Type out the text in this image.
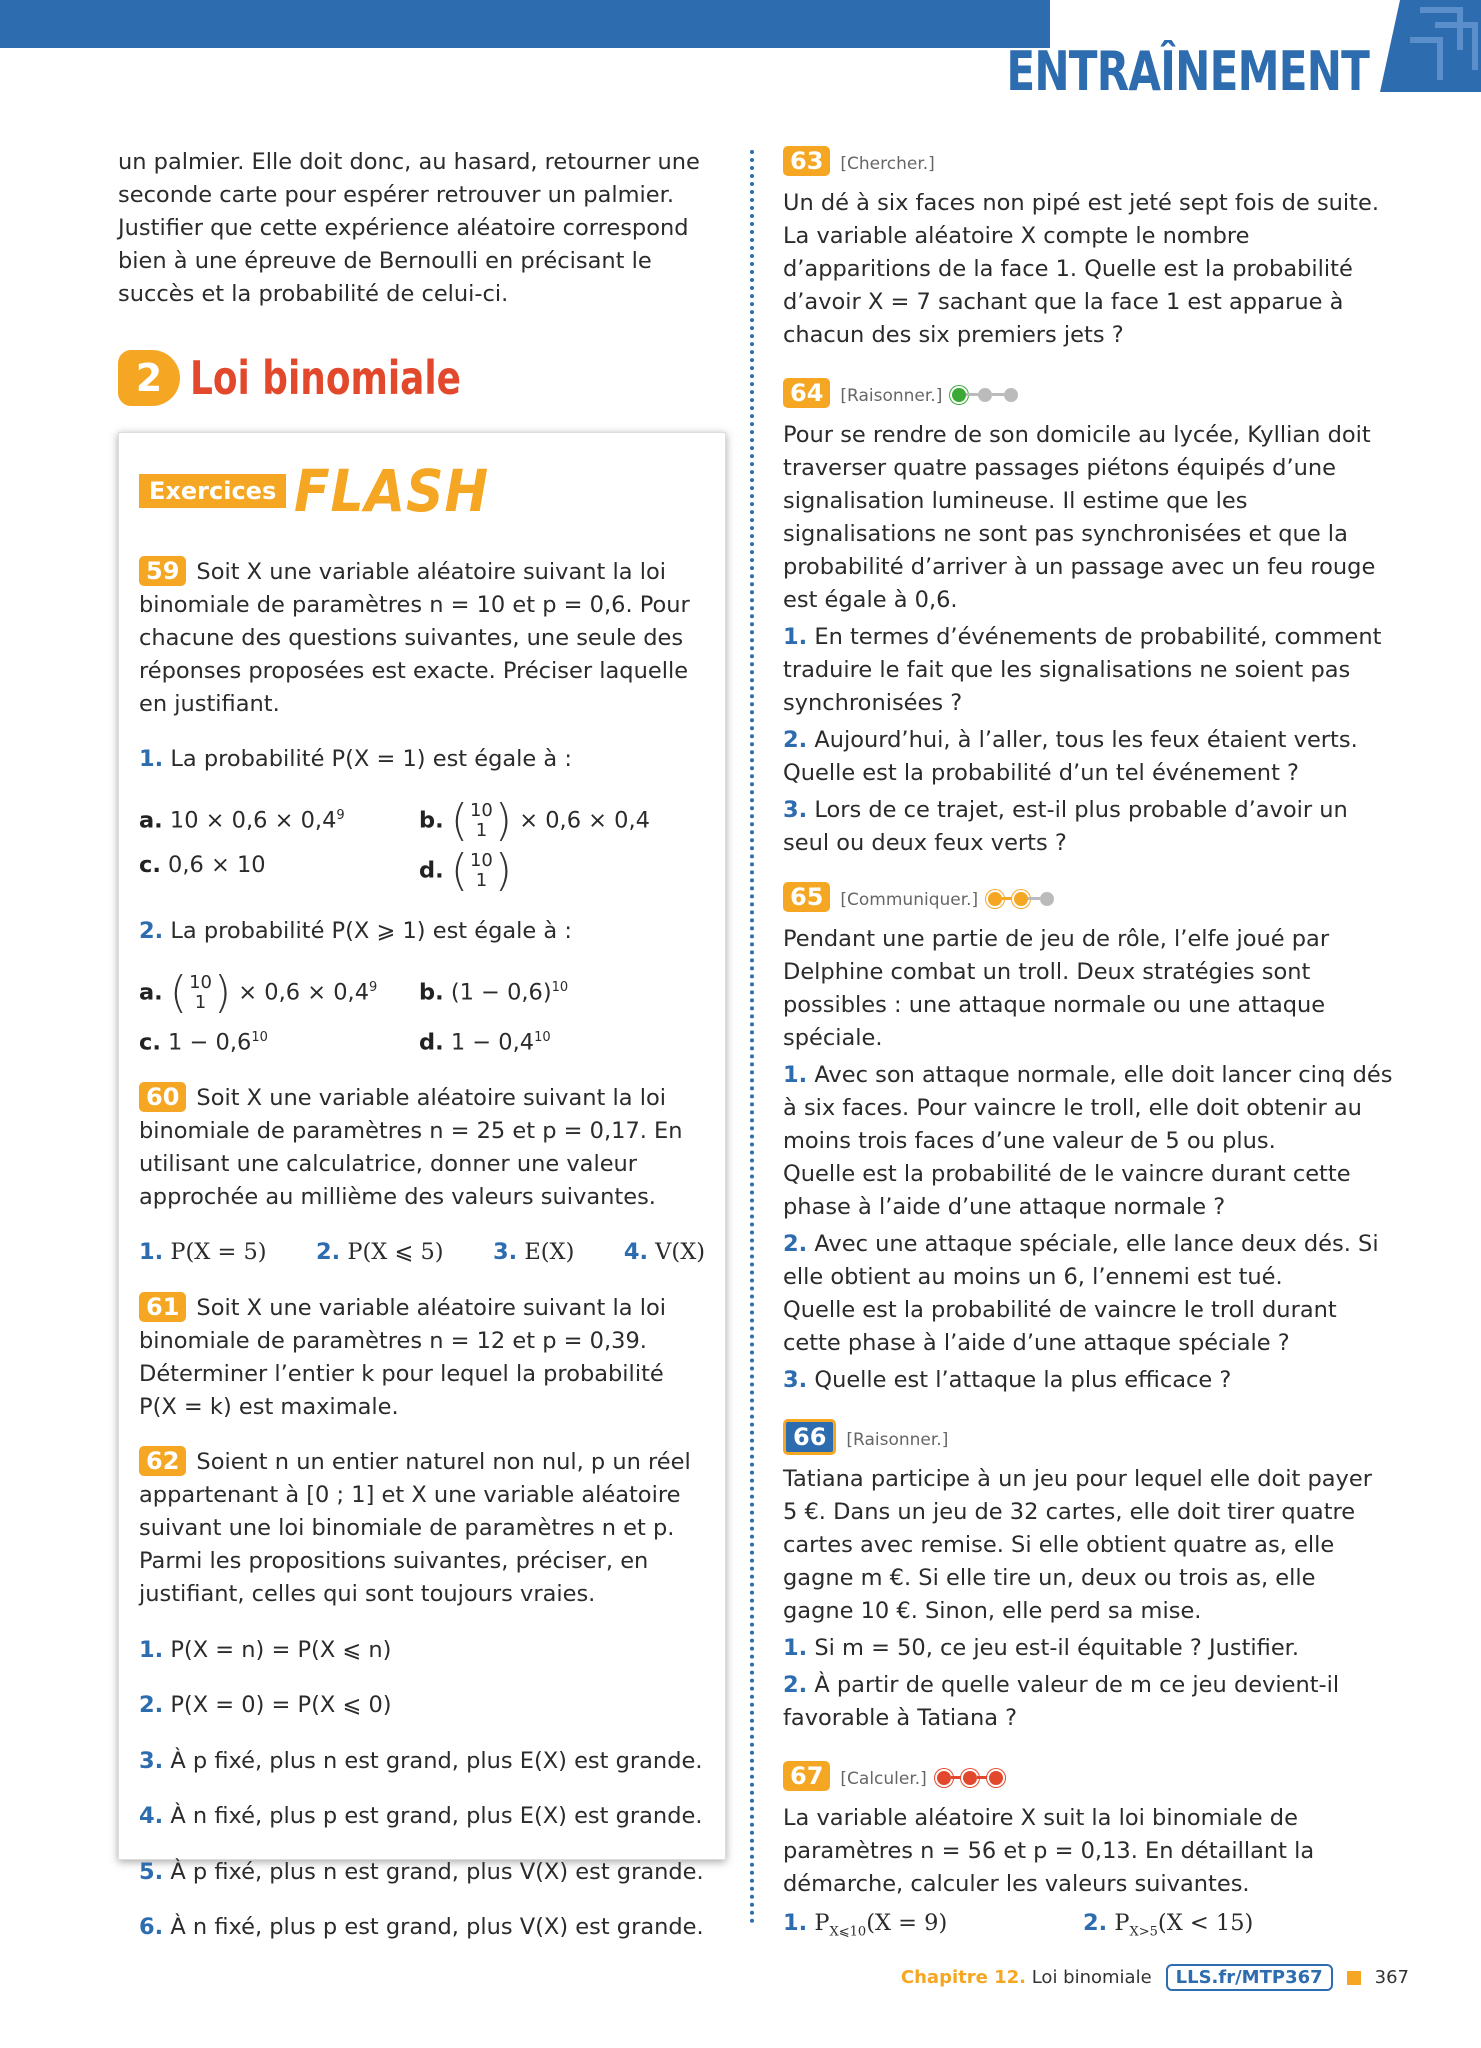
ENTRAÎNEMENT

un palmier. Elle doit donc, au hasard, retourner une seconde carte pour espérer retrouver un palmier. Justifier que cette expérience aléatoire correspond bien à une épreuve de Bernoulli en précisant le succès et la probabilité de celui-ci.

2 Loi binomiale
Exercices FLASH

59 Soit X une variable aléatoire suivant la loi binomiale de paramètres n = 10 et p = 0,6. Pour chacune des questions suivantes, une seule des réponses proposées est exacte. Préciser laquelle en justifiant.

1. La probabilité P(X = 1) est égale à :

a. $10 \times 0,6 \times 0,4^9$	b. ( 10
1 ) × 0,6 × 0,4
c. 0,6 × 10	d. ( 10
1 )

2. La probabilité P(X ⩾ 1) est égale à :

a. ( 10
1 ) × $0,6 \times 0,4^9$	b. $(1 - 0,6)^{10}$
c. $1 - 0,6^{10}$	d. $1 - 0,4^{10}$

60 Soit X une variable aléatoire suivant la loi binomiale de paramètres n = 25 et p = 0,17. En utilisant une calculatrice, donner une valeur approchée au millième des valeurs suivantes.

1. P(X = 5) 2. P(X ⩽ 5) 3. E(X) 4. V(X)

61 Soit X une variable aléatoire suivant la loi binomiale de paramètres n = 12 et p = 0,39. Déterminer l’entier k pour lequel la probabilité P(X = k) est maximale.

62 Soient n un entier naturel non nul, p un réel appartenant à [0 ; 1] et X une variable aléatoire suivant une loi binomiale de paramètres n et p. Parmi les propositions suivantes, préciser, en justifiant, celles qui sont toujours vraies.

1. P(X = n) = P(X ⩽ n)

2. P(X = 0) = P(X ⩽ 0)

3. À p fixé, plus n est grand, plus E(X) est grande.

4. À n fixé, plus p est grand, plus E(X) est grande.

5. À p fixé, plus n est grand, plus V(X) est grande.

6. À n fixé, plus p est grand, plus V(X) est grande.

63 [Chercher.]

Un dé à six faces non pipé est jeté sept fois de suite. La variable aléatoire X compte le nombre d’apparitions de la face 1. Quelle est la probabilité d’avoir X = 7 sachant que la face 1 est apparue à chacun des six premiers jets ?

64 [Raisonner.]

Pour se rendre de son domicile au lycée, Kyllian doit traverser quatre passages piétons équipés d’une signalisation lumineuse. Il estime que les signalisations ne sont pas synchronisées et que la probabilité d’arriver à un passage avec un feu rouge est égale à 0,6.

1. En termes d’événements de probabilité, comment traduire le fait que les signalisations ne soient pas synchronisées ?

2. Aujourd’hui, à l’aller, tous les feux étaient verts. Quelle est la probabilité d’un tel événement ?

3. Lors de ce trajet, est-il plus probable d’avoir un seul ou deux feux verts ?

65 [Communiquer.]

Pendant une partie de jeu de rôle, l’elfe joué par Delphine combat un troll. Deux stratégies sont possibles : une attaque normale ou une attaque spéciale.

1. Avec son attaque normale, elle doit lancer cinq dés à six faces. Pour vaincre le troll, elle doit obtenir au moins trois faces d’une valeur de 5 ou plus.
Quelle est la probabilité de le vaincre durant cette phase à l’aide d’une attaque normale ?

2. Avec une attaque spéciale, elle lance deux dés. Si elle obtient au moins un 6, l’ennemi est tué.
Quelle est la probabilité de vaincre le troll durant cette phase à l’aide d’une attaque spéciale ?

3. Quelle est l’attaque la plus efficace ?

66 [Raisonner.]

Tatiana participe à un jeu pour lequel elle doit payer 5 €. Dans un jeu de 32 cartes, elle doit tirer quatre cartes avec remise. Si elle obtient quatre as, elle gagne m €. Si elle tire un, deux ou trois as, elle gagne 10 €. Sinon, elle perd sa mise.

1. Si m = 50, ce jeu est-il équitable ? Justifier.

2. À partir de quelle valeur de m ce jeu devient-il favorable à Tatiana ?

67 [Calculer.]

La variable aléatoire X suit la loi binomiale de paramètres n = 56 et p = 0,13. En détaillant la démarche, calculer les valeurs suivantes.

1. $P_{X⩽10}(X = 9)$	2. $P_{X>5}(X < 15)$
Chapitre 12.
Loi binomiale	LLS.fr/MTP367	367
